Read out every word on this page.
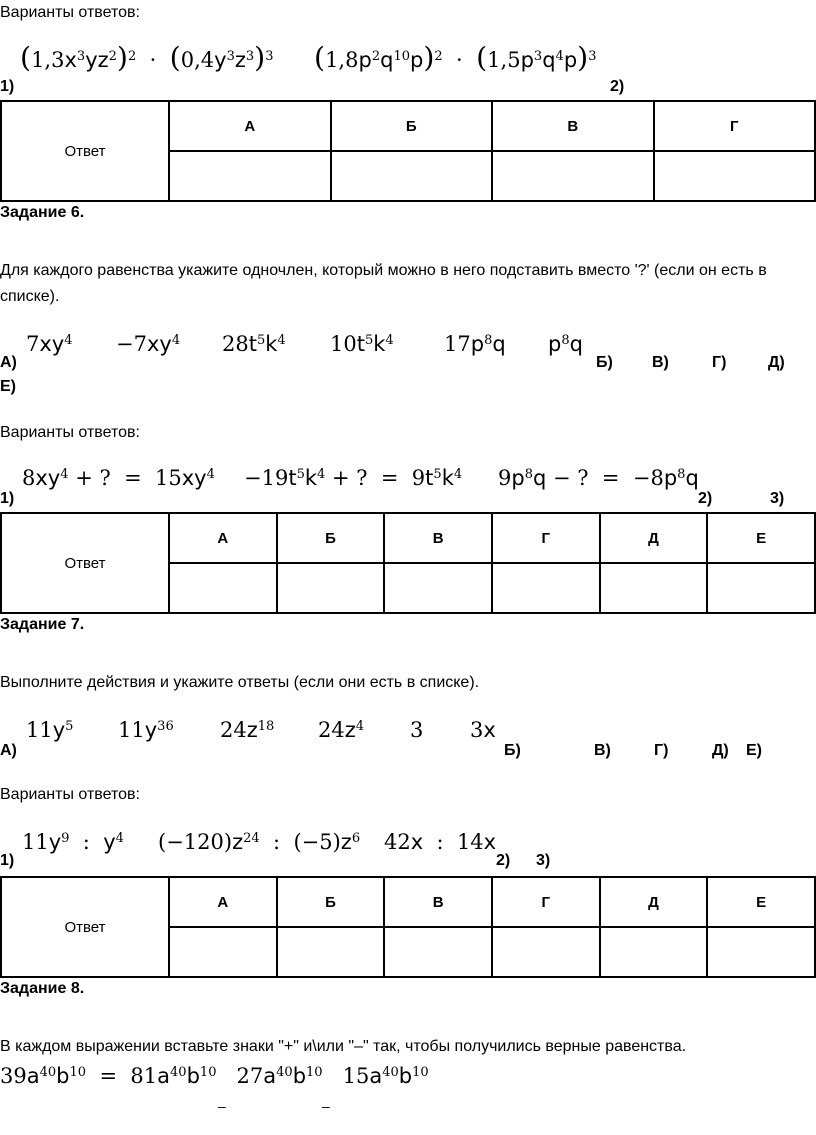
Варианты ответов:
$(1,3x^3yz^2)^2 \cdot (0,4y^3z^3)^3$ $(1,8p^2q^{10}p)^2 \cdot (1,5p^3q^4p)^3$
1)	2)
Ответ	А	Б	В	Г

Задание 6.
Для каждого равенства укажите одночлен, который можно в него подставить вместо '?' (если он есть в списке).
$7xy^4 -7xy^4$ $28t^5k^4$ $10t^5k^4$ $17p^8q$ $p^8q$
А)	Б) В)	Г)	Д)
Е)
Варианты ответов:
$8xy^4$ + ?  =  $15xy^4 -19t^5k^4$ + ?  =  $9t^5k^4$ $9p^8q$ − ?  =  $-8p^8q$
1)	2)	3)
Ответ	А	Б	В	Г	Д	Е

Задание 7.
Выполните действия и укажите ответы (если они есть в списке).
$11y^5$ $11y^{36}$ $24z^{18}$ $24z^4$ 3 3x
А)	Б)	В)	Г)	Д) Е)
Варианты ответов:
$11y^9$  :  $y^4$ $(-120)z^{24}$  :  $(-5)z^6$ 42x  :  14x
1)	2) 3)
Ответ	А	Б	В	Г	Д	Е

Задание 8.
В каждом выражении вставьте знаки "+" и\или "–" так, чтобы получились верные равенства.
$39a^{40}b^{10} = 81a^{40}b^{10}$ $27a^{40}b^{10}$ $15a^{40}b^{10}$
–	–
